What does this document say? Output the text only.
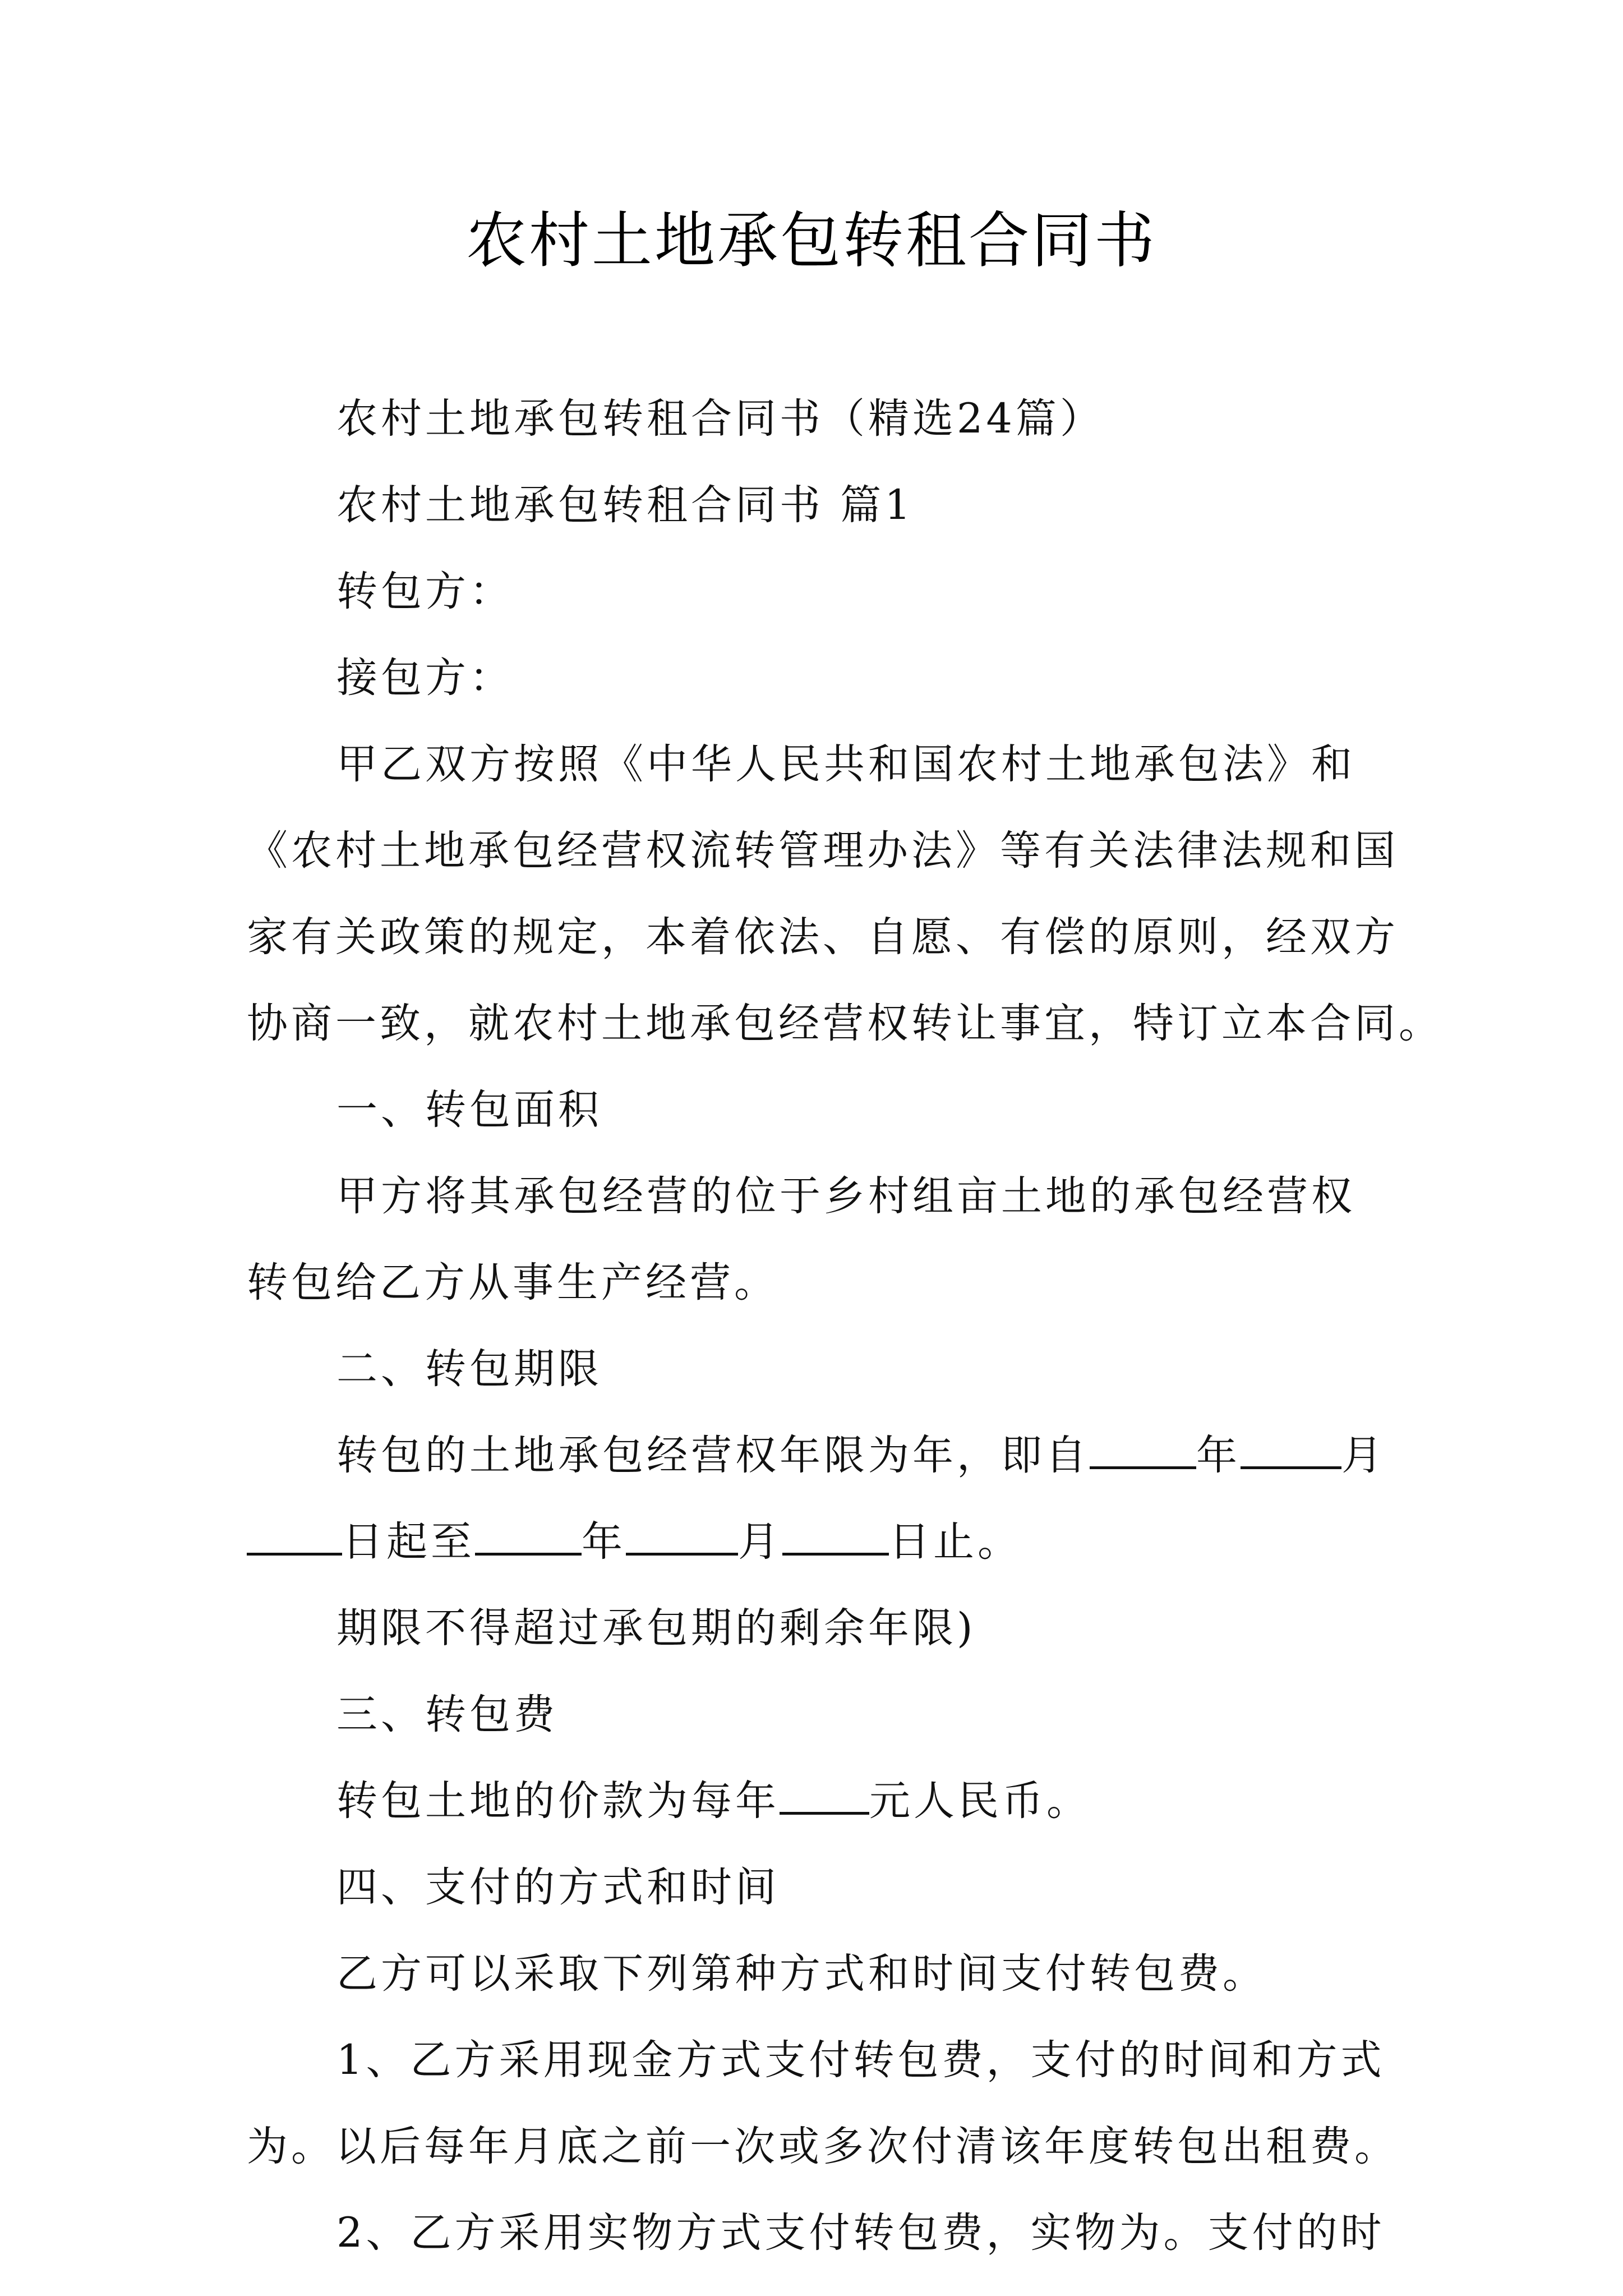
农村土地承包转租合同书
农村土地承包转租合同书（精选24篇）
农村土地承包转租合同书 篇1
转包方：
接包方：
甲乙双方按照《中华人民共和国农村土地承包法》和
《农村土地承包经营权流转管理办法》等有关法律法规和国
家有关政策的规定，本着依法、自愿、有偿的原则，经双方
协商一致，就农村土地承包经营权转让事宜，特订立本合同。
一、转包面积
甲方将其承包经营的位于乡村组亩土地的承包经营权
转包给乙方从事生产经营。
二、转包期限
转包的土地承包经营权年限为年，即自	年 月
日起至	年	月	日止。
期限不得超过承包期的剩余年限)
三、转包费
转包土地的价款为每年 元人民币。
四、支付的方式和时间
乙方可以采取下列第种方式和时间支付转包费。
1、乙方采用现金方式支付转包费，支付的时间和方式
为。以后每年月底之前一次或多次付清该年度转包出租费。
2、乙方采用实物方式支付转包费，实物为。支付的时
